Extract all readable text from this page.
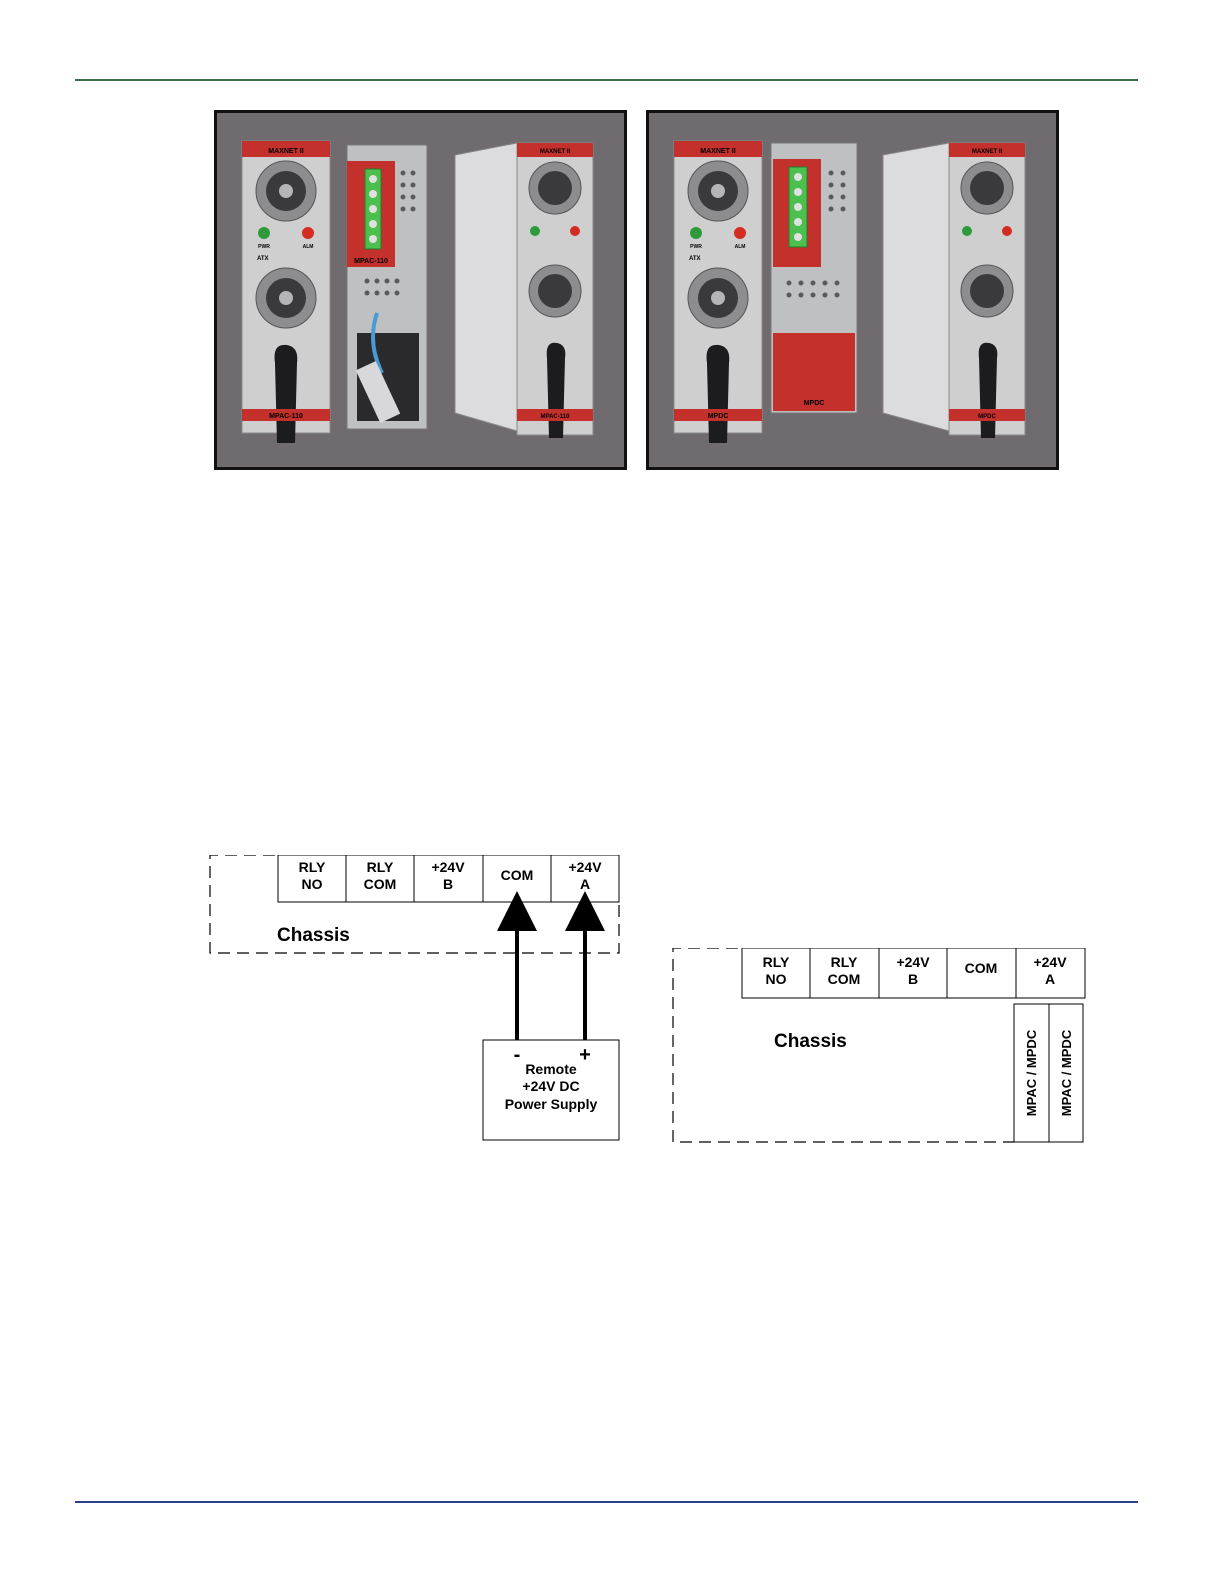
MAXNET II
PWR	ALM
ATX
MPAC-110
MPAC-110
MAXNET II
MPAC-110
MAXNET II
PWR	ALM
ATX
MPDC
MPDC
MAXNET II
MPDC
RLY
NO
RLY
COM
+24V
B
COM	+24V
A
Chassis
-	+
Remote
+24V DC
Power Supply
RLY
NO
RLY
COM
+24V
B
COM	+24V
A
Chassis	MPAC / MPDC MPAC / MPDC
